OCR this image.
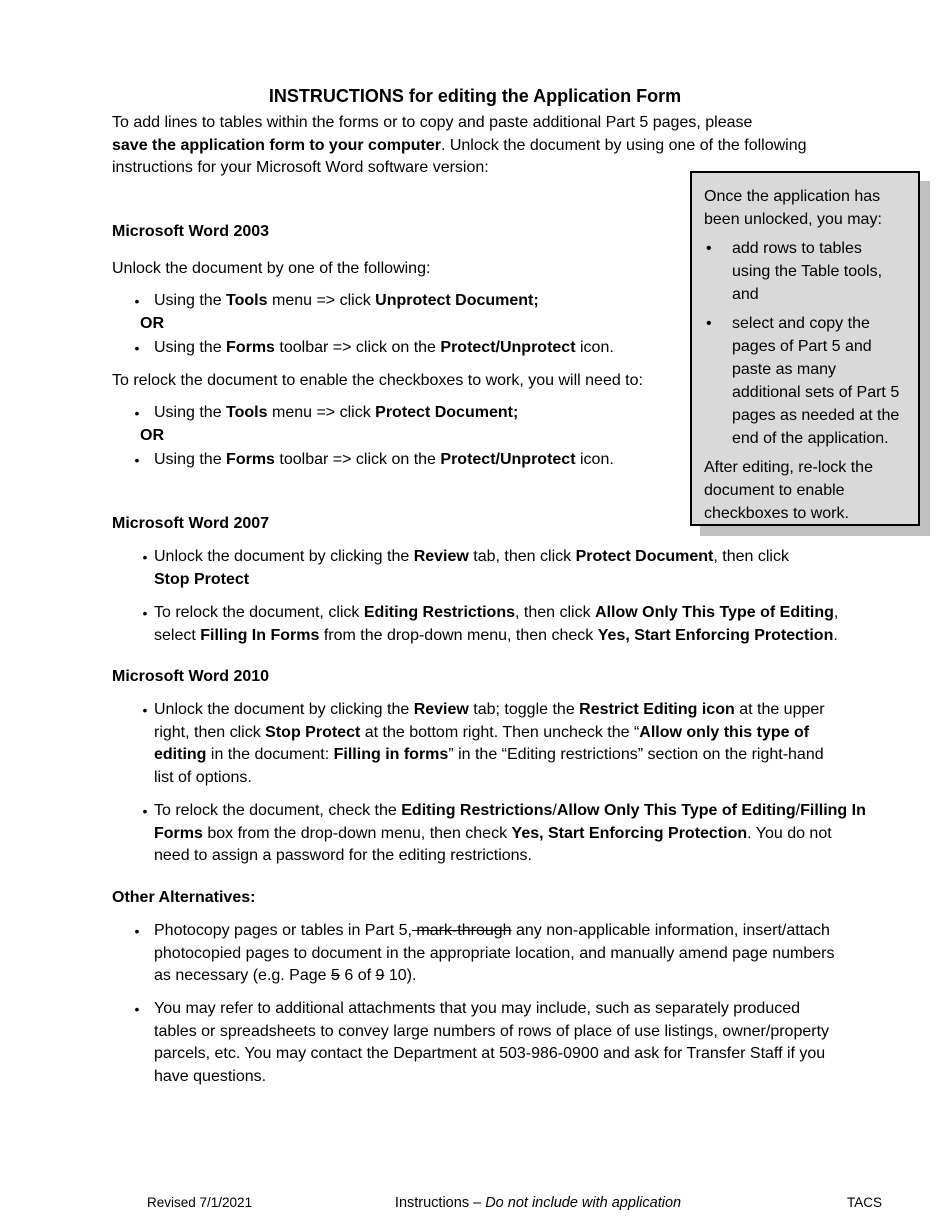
INSTRUCTIONS for editing the Application Form
To add lines to tables within the forms or to copy and paste additional Part 5 pages, please
save the application form to your computer. Unlock the document by using one of the following
instructions for your Microsoft Word software version:
Once the application has
been unlocked, you may:
• add rows to tables
using the Table tools,
and
• select and copy the
pages of Part 5 and
paste as many
additional sets of Part 5
pages as needed at the
end of the application.
After editing, re-lock the
document to enable
checkboxes to work.
Microsoft Word 2003
Unlock the document by one of the following:
• Using the Tools menu => click Unprotect Document;
OR
• Using the Forms toolbar => click on the Protect/Unprotect icon.
To relock the document to enable the checkboxes to work, you will need to:
• Using the Tools menu => click Protect Document;
OR
• Using the Forms toolbar => click on the Protect/Unprotect icon.
Microsoft Word 2007
• Unlock the document by clicking the Review tab, then click Protect Document, then click
Stop Protect
• To relock the document, click Editing Restrictions, then click Allow Only This Type of Editing,
select Filling In Forms from the drop-down menu, then check Yes, Start Enforcing Protection.
Microsoft Word 2010
• Unlock the document by clicking the Review tab; toggle the Restrict Editing icon at the upper
right, then click Stop Protect at the bottom right. Then uncheck the “Allow only this type of
editing in the document: Filling in forms” in the “Editing restrictions” section on the right-hand
list of options.
• To relock the document, check the Editing Restrictions/Allow Only This Type of Editing/Filling In
Forms box from the drop-down menu, then check Yes, Start Enforcing Protection. You do not
need to assign a password for the editing restrictions.
Other Alternatives:
• Photocopy pages or tables in Part 5, mark-through any non-applicable information, insert/attach
photocopied pages to document in the appropriate location, and manually amend page numbers
as necessary (e.g. Page 5 6 of 9 10).
• You may refer to additional attachments that you may include, such as separately produced
tables or spreadsheets to convey large numbers of rows of place of use listings, owner/property
parcels, etc. You may contact the Department at 503-986-0900 and ask for Transfer Staff if you
have questions.
Revised 7/1/2021	Instructions – Do not include with application	TACS
